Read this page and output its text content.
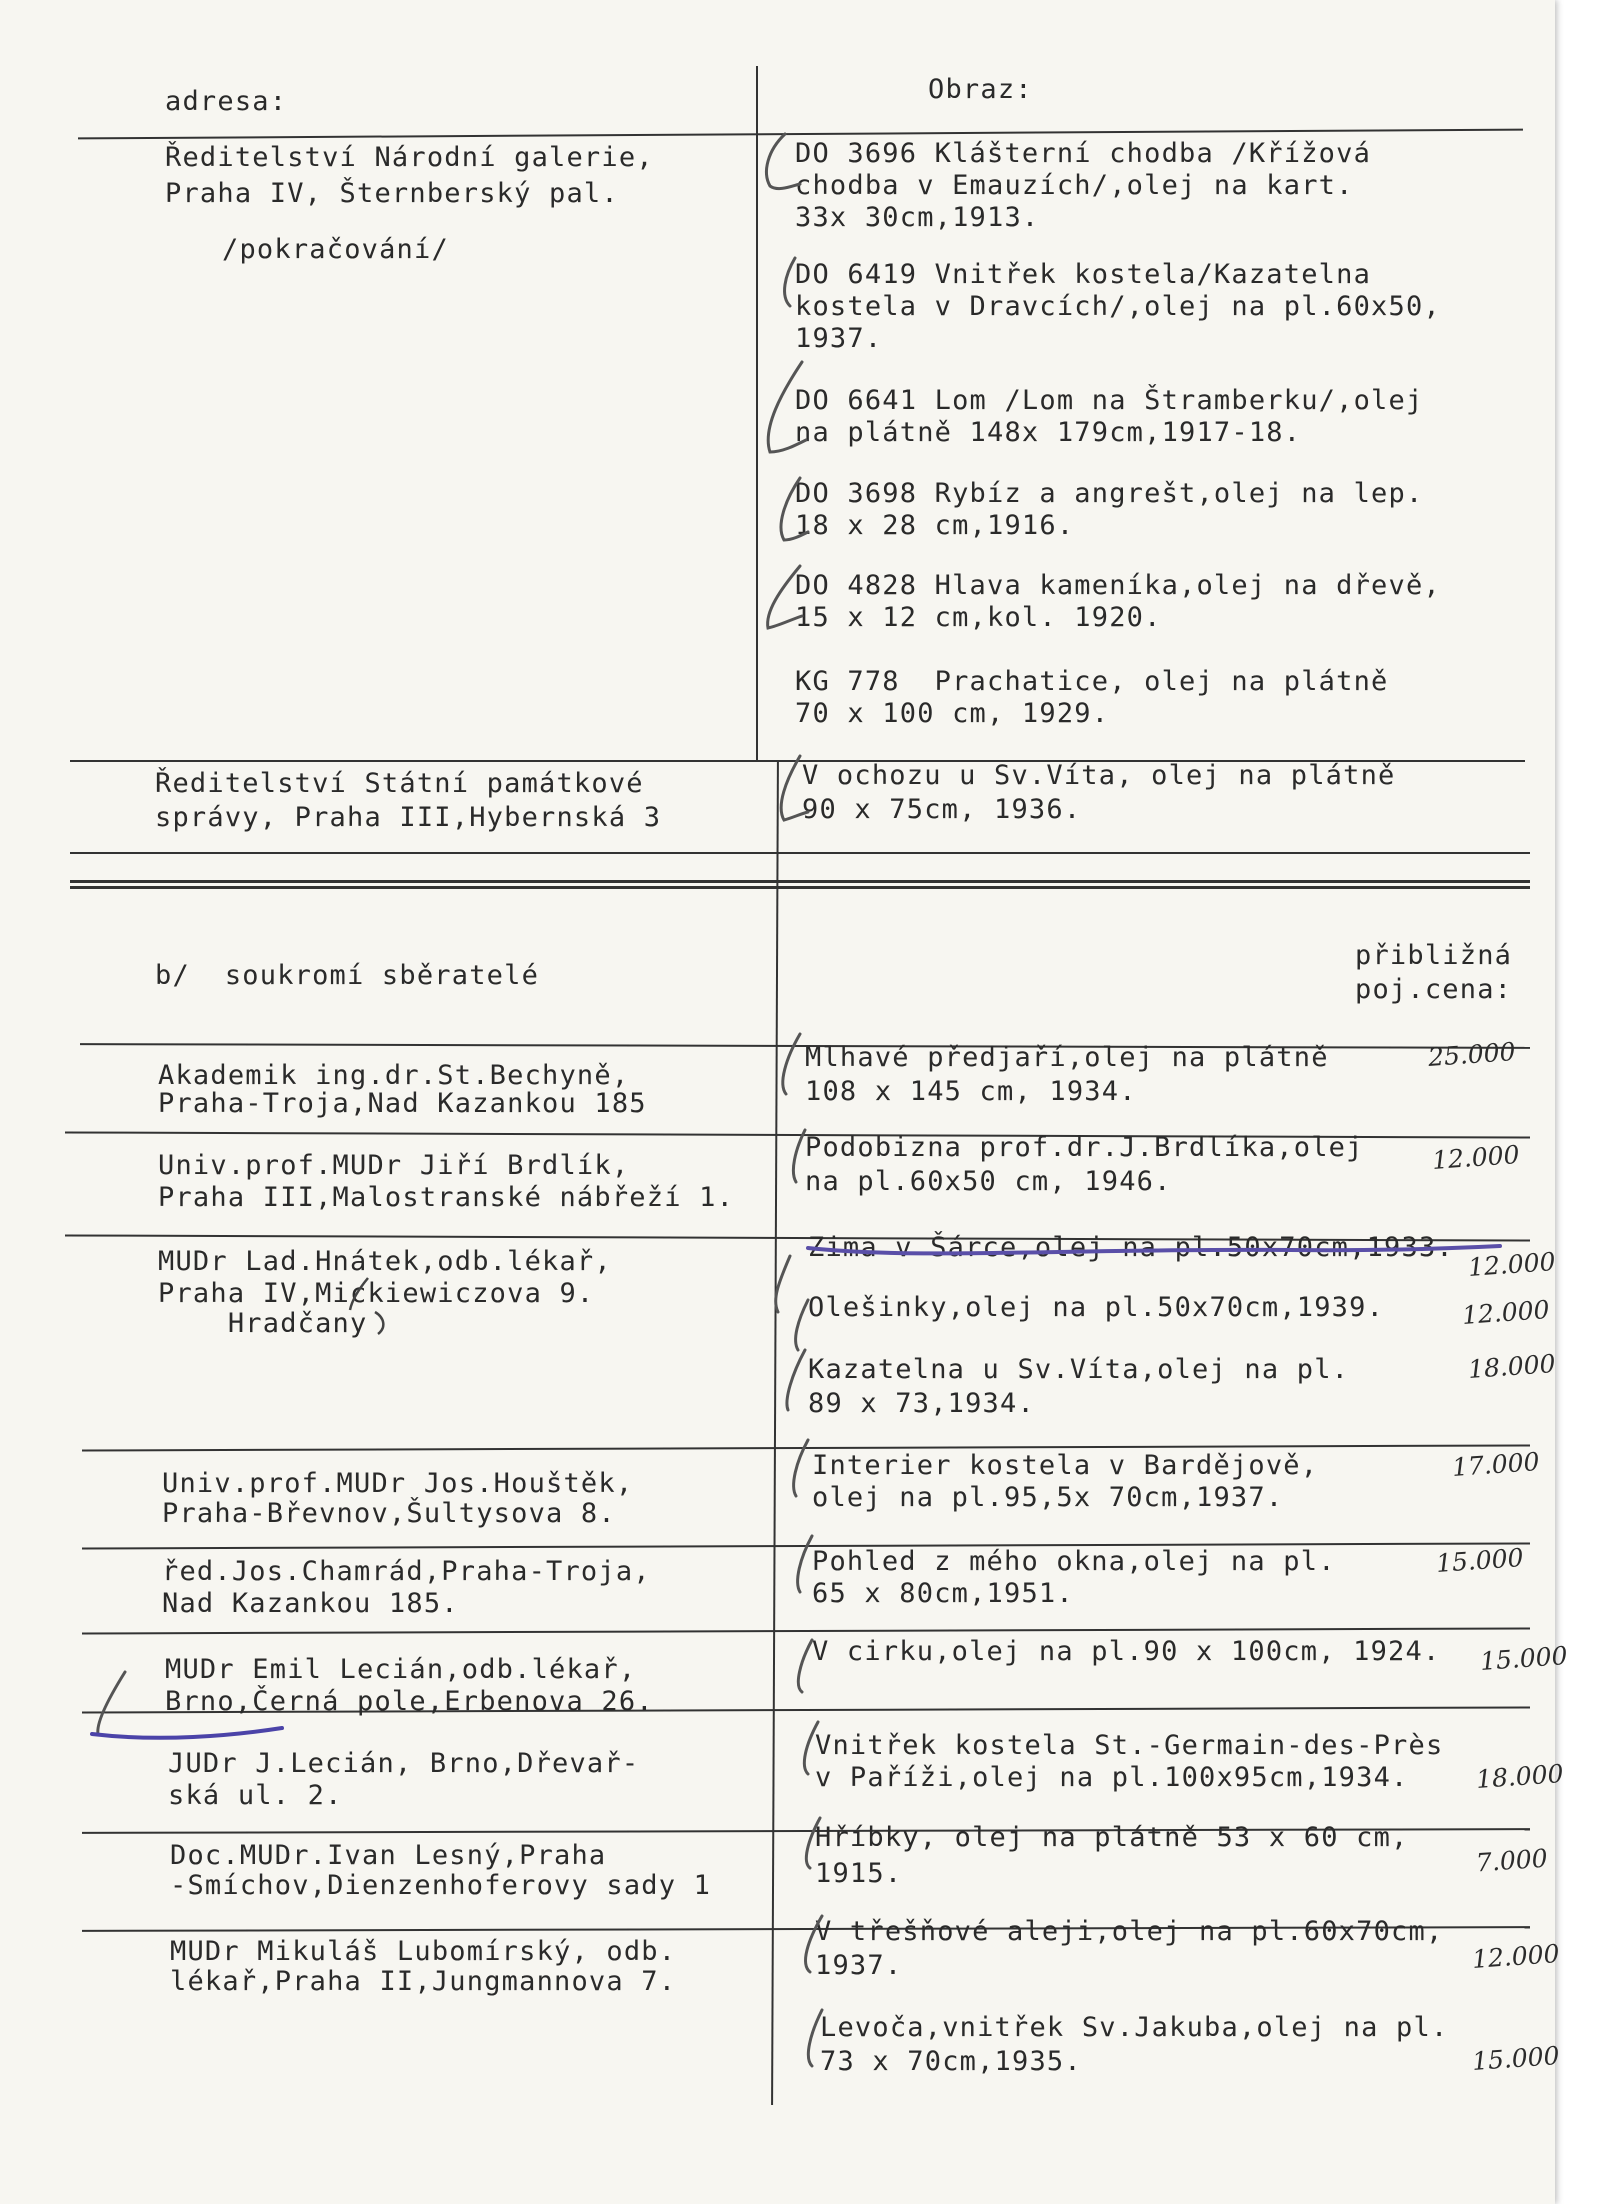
adresa:	Obraz:
Ředitelství Národní galerie,
Praha IV, Šternberský pal.
/pokračování/
DO 3696 Klášterní chodba /Křížová
chodba v Emauzích/,olej na kart.
33x 30cm,1913.
DO 6419 Vnitřek kostela/Kazatelna
kostela v Dravcích/,olej na pl.60x50,
1937.
DO 6641 Lom /Lom na Štramberku/,olej
na plátně 148x 179cm,1917-18.
DO 3698 Rybíz a angrešt,olej na lep.
18 x 28 cm,1916.
DO 4828 Hlava kameníka,olej na dřevě,
15 x 12 cm,kol. 1920.
KG 778  Prachatice, olej na plátně
70 x 100 cm, 1929.
Ředitelství Státní památkové
správy, Praha III,Hybernská 3
V ochozu u Sv.Víta, olej na plátně
90 x 75cm, 1936.
b/  soukromí sběratelé
přibližná
poj.cena:
Akademik ing.dr.St.Bechyně,
Praha-Troja,Nad Kazankou 185
Mlhavé předjaří,olej na plátně
108 x 145 cm, 1934.
25.000
Univ.prof.MUDr Jiří Brdlík,
Praha III,Malostranské nábřeží 1.
Podobizna prof.dr.J.Brdlíka,olej
na pl.60x50 cm, 1946.
12.000
MUDr Lad.Hnátek,odb.lékař,
Praha IV,Mickiewiczova 9.
Hradčany
Zima v Šárce,olej na pl.50x70cm,1933. 12.000
Olešinky,olej na pl.50x70cm,1939.	12.000
Kazatelna u Sv.Víta,olej na pl.
89 x 73,1934.
18.000
Univ.prof.MUDr Jos.Houštěk,
Praha-Břevnov,Šultysova 8.
Interier kostela v Bardějově,
olej na pl.95,5x 70cm,1937.
17.000
řed.Jos.Chamrád,Praha-Troja,
Nad Kazankou 185.
Pohled z mého okna,olej na pl.
65 x 80cm,1951.
15.000
MUDr Emil Lecián,odb.lékař,
Brno,Černá pole,Erbenova 26.
V cirku,olej na pl.90 x 100cm, 1924. 15.000
JUDr J.Lecián, Brno,Dřevař-
ská ul. 2.
Vnitřek kostela St.-Germain-des-Près
v Paříži,olej na pl.100x95cm,1934.	18.000
Doc.MUDr.Ivan Lesný,Praha
-Smíchov,Dienzenhoferovy sady 1
Hříbky, olej na plátně 53 x 60 cm,
1915.	7.000
MUDr Mikuláš Lubomírský, odb.
lékař,Praha II,Jungmannova 7.
V třešňové aleji,olej na pl.60x70cm,
1937.	12.000
Levoča,vnitřek Sv.Jakuba,olej na pl.
73 x 70cm,1935.	15.000
